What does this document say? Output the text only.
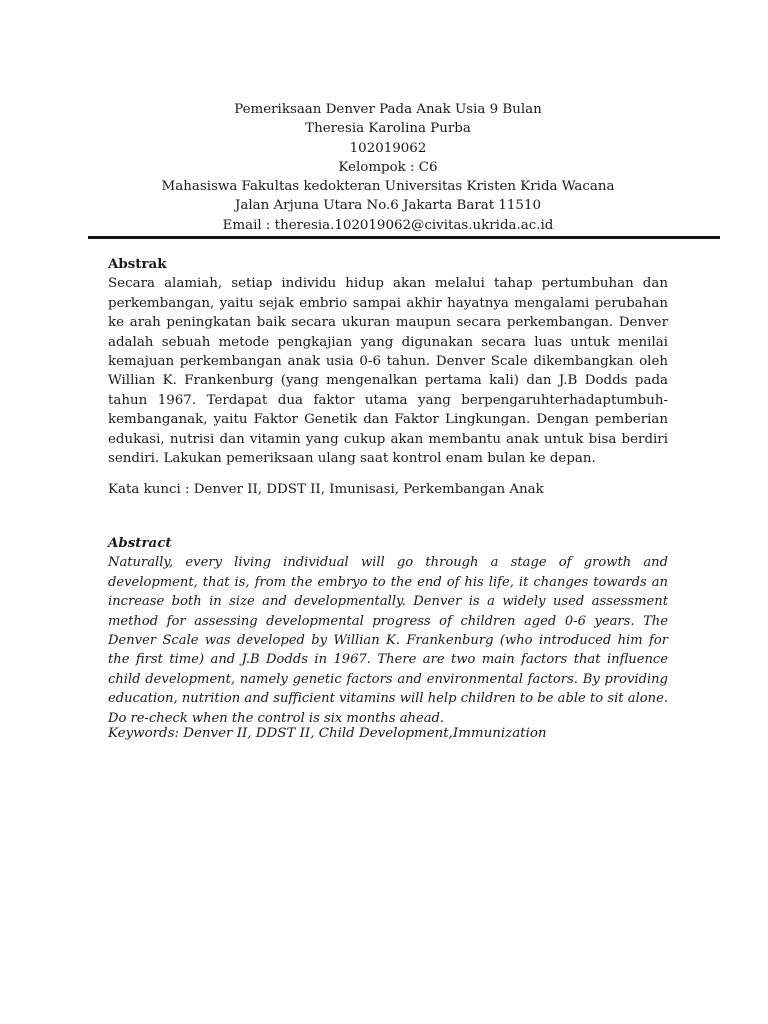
Pemeriksaan Denver Pada Anak Usia 9 Bulan
Theresia Karolina Purba
102019062
Kelompok : C6
Mahasiswa Fakultas kedokteran Universitas Kristen Krida Wacana
Jalan Arjuna Utara No.6 Jakarta Barat 11510
Email : theresia.102019062@civitas.ukrida.ac.id

Abstrak

Secara alamiah, setiap individu hidup akan melalui tahap pertumbuhan dan perkembangan, yaitu sejak embrio sampai akhir hayatnya mengalami perubahan ke arah peningkatan baik secara ukuran maupun secara perkembangan. Denver adalah sebuah metode pengkajian yang digunakan secara luas untuk menilai kemajuan perkembangan anak usia 0-6 tahun. Denver Scale dikembangkan oleh Willian K. Frankenburg (yang mengenalkan pertama kali) dan J.B Dodds pada tahun 1967. Terdapat dua faktor utama yang berpengaruhterhadaptumbuh-kembanganak, yaitu Faktor Genetik dan Faktor Lingkungan. Dengan pemberian edukasi, nutrisi dan vitamin yang cukup akan membantu anak untuk bisa berdiri sendiri. Lakukan pemeriksaan ulang saat kontrol enam bulan ke depan.

Kata kunci : Denver II, DDST II, Imunisasi, Perkembangan Anak

Abstract

Naturally, every living individual will go through a stage of growth and development, that is, from the embryo to the end of his life, it changes towards an increase both in size and developmentally. Denver is a widely used assessment method for assessing developmental progress of children aged 0-6 years. The Denver Scale was developed by Willian K. Frankenburg (who introduced him for the first time) and J.B Dodds in 1967. There are two main factors that influence child development, namely genetic factors and environmental factors. By providing education, nutrition and sufficient vitamins will help children to be able to sit alone. Do re-check when the control is six months ahead.

Keywords: Denver II, DDST II, Child Development,Immunization
